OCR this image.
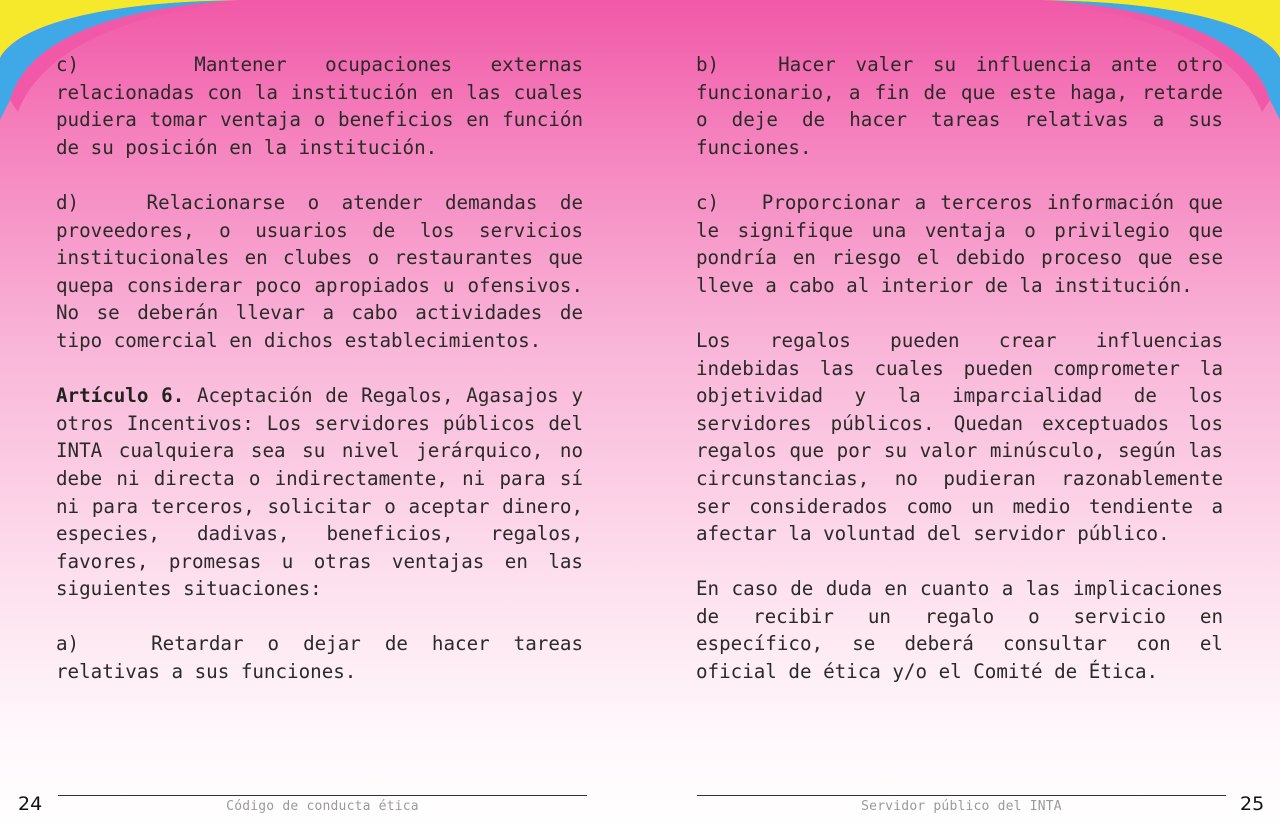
c)   Mantener ocupaciones externas relacionadas con la institución en las cuales pudiera tomar ventaja o beneficios en función de su posición en la institución.

d)   Relacionarse o atender demandas de proveedores, o usuarios de los servicios institucionales en clubes o restaurantes que quepa considerar poco apropiados u ofensivos. No se deberán llevar a cabo actividades de tipo comercial en dichos establecimientos.

Artículo 6. Aceptación de Regalos, Agasajos y otros Incentivos: Los servidores públicos del INTA cualquiera sea su nivel jerárquico, no debe ni directa o indirectamente, ni para sí ni para terceros, solicitar o aceptar dinero, especies, dadivas, beneficios, regalos, favores, promesas u otras ventajas en las siguientes situaciones:

a)   Retardar o dejar de hacer tareas relativas a sus funciones.

b)   Hacer valer su influencia ante otro funcionario, a fin de que este haga, retarde o deje de hacer tareas relativas a sus funciones.

c)   Proporcionar a terceros información que le signifique una ventaja o privilegio que pondría en riesgo el debido proceso que ese lleve a cabo al interior de la institución.

Los regalos pueden crear influencias indebidas las cuales pueden comprometer la objetividad y la imparcialidad de los servidores públicos. Quedan exceptuados los regalos que por su valor minúsculo, según las circunstancias, no pudieran razonablemente ser considerados como un medio tendiente a afectar la voluntad del servidor público.

En caso de duda en cuanto a las implicaciones de recibir un regalo o servicio en específico, se deberá consultar con el oficial de ética y/o el Comité de Ética.

Código de conducta ética	Servidor público del INTA
24	25
